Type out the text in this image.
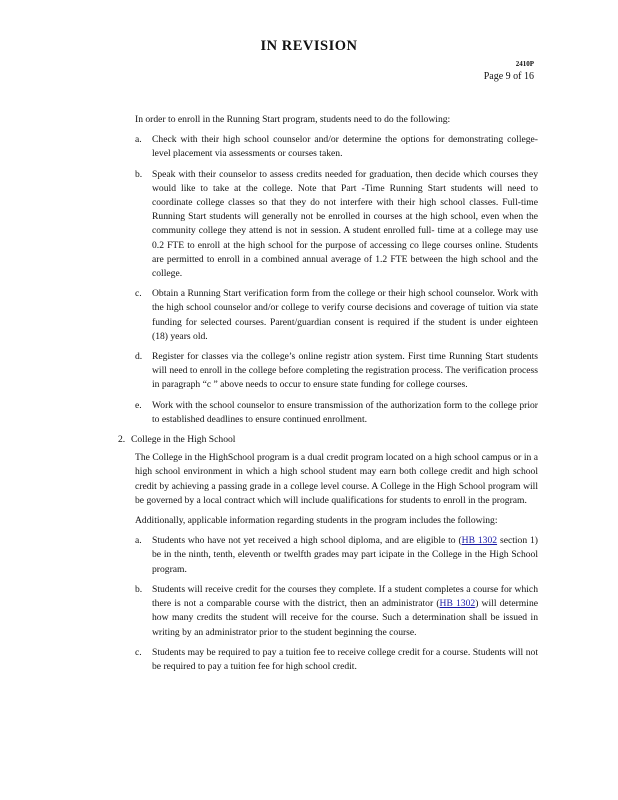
IN REVISION
2410P
Page 9 of 16

In order to enroll in the Running Start program, students need to do the following:

a. Check with their high school counselor and/or determine the options for demonstrating college- level placement via assessments or courses taken.
b. Speak with their counselor to assess credits needed for graduation, then decide which courses they would like to take at the college. Note that Part -Time Running Start students will need to coordinate college classes so that they do not interfere with their high school classes. Full-time Running Start students will generally not be enrolled in courses at the high school, even when the community college they attend is not in session. A student enrolled full- time at a college may use 0.2 FTE to enroll at the high school for the purpose of accessing co llege courses online. Students are permitted to enroll in a combined annual average of 1.2 FTE between the high school and the college.
c. Obtain a Running Start verification form from the college or their high school counselor. Work with the high school counselor and/or college to verify course decisions and coverage of tuition via state funding for selected courses. Parent/guardian consent is required if the student is under eighteen (18) years old.
d. Register for classes via the college’s online registr ation system. First time Running Start students will need to enroll in the college before completing the registration process. The verification process in paragraph “c ” above needs to occur to ensure state funding for college courses.
e. Work with the school counselor to ensure transmission of the authorization form to the college prior to established deadlines to ensure continued enrollment.
2. College in the High School

The College in the HighSchool program is a dual credit program located on a high school campus or in a high school environment in which a high school student may earn both college credit and high school credit by achieving a passing grade in a college level course. A College in the High School program will be governed by a local contract which will include qualifications for students to enroll in the program.

Additionally, applicable information regarding students in the program includes the following:

a. Students who have not yet received a high school diploma, and are eligible to (HB 1302 section 1) be in the ninth, tenth, eleventh or twelfth grades may part icipate in the College in the High School program.
b. Students will receive credit for the courses they complete. If a student completes a course for which there is not a comparable course with the district, then an administrator (HB 1302) will determine how many credits the student will receive for the course. Such a determination shall be issued in writing by an administrator prior to the student beginning the course.
c. Students may be required to pay a tuition fee to receive college credit for a course. Students will not be required to pay a tuition fee for high school credit.
